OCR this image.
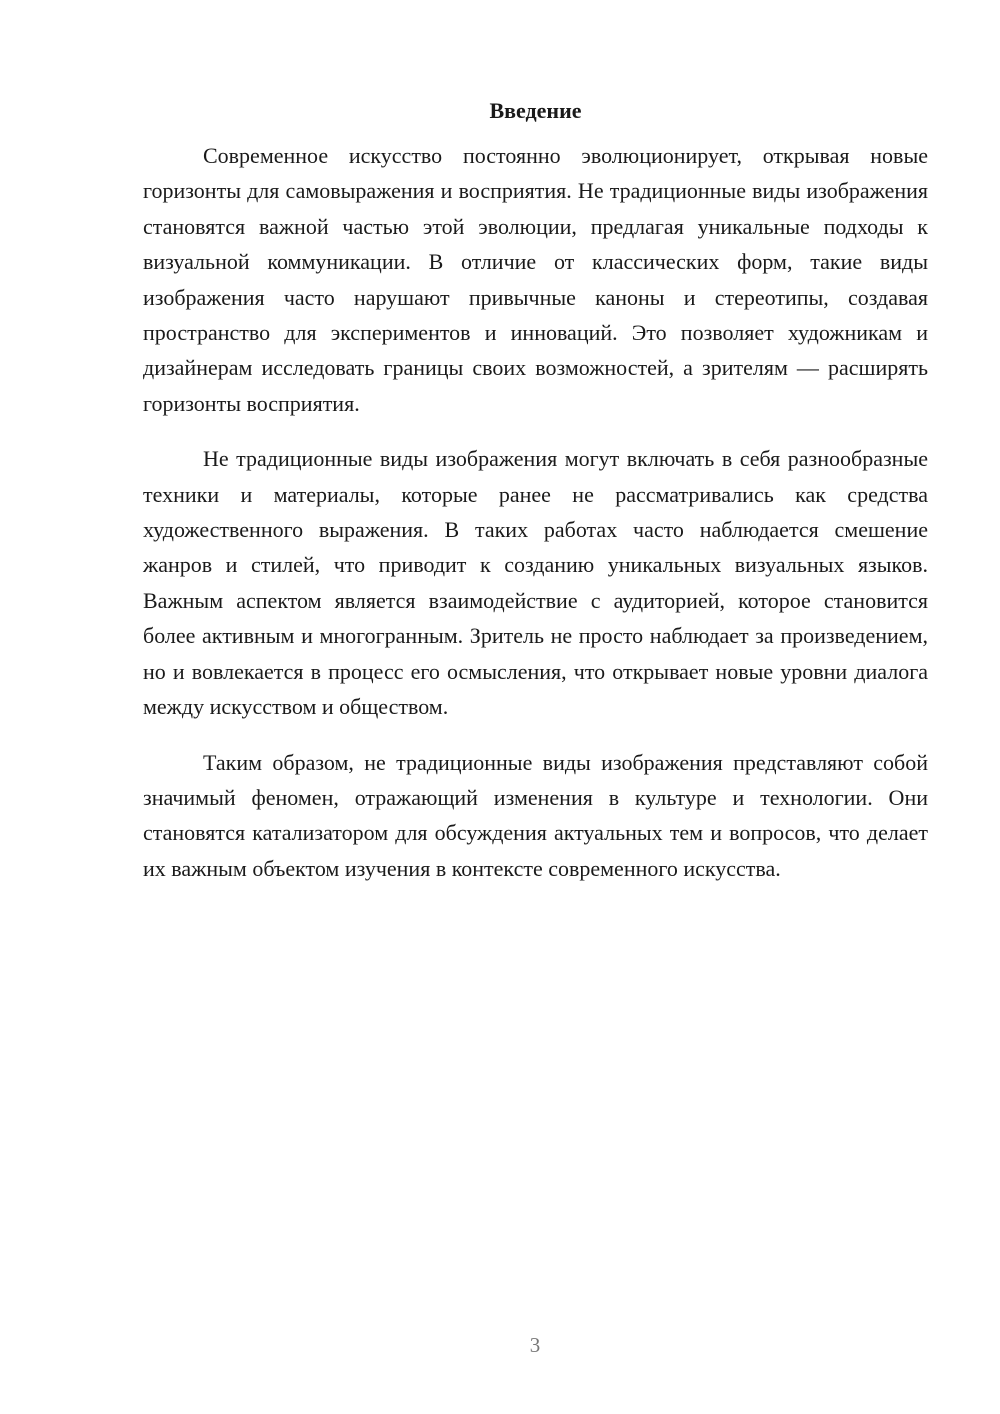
Введение

Современное искусство постоянно эволюционирует, открывая новые горизонты для самовыражения и восприятия. Не традиционные виды изображения становятся важной частью этой эволюции, предлагая уникальные подходы к визуальной коммуникации. В отличие от классических форм, такие виды изображения часто нарушают привычные каноны и стереотипы, создавая пространство для экспериментов и инноваций. Это позволяет художникам и дизайнерам исследовать границы своих возможностей, а зрителям — расширять горизонты восприятия.

Не традиционные виды изображения могут включать в себя разнообразные техники и материалы, которые ранее не рассматривались как средства художественного выражения. В таких работах часто наблюдается смешение жанров и стилей, что приводит к созданию уникальных визуальных языков. Важным аспектом является взаимодействие с аудиторией, которое становится более активным и многогранным. Зритель не просто наблюдает за произведением, но и вовлекается в процесс его осмысления, что открывает новые уровни диалога между искусством и обществом.

Таким образом, не традиционные виды изображения представляют собой значимый феномен, отражающий изменения в культуре и технологии. Они становятся катализатором для обсуждения актуальных тем и вопросов, что делает их важным объектом изучения в контексте современного искусства.

3
